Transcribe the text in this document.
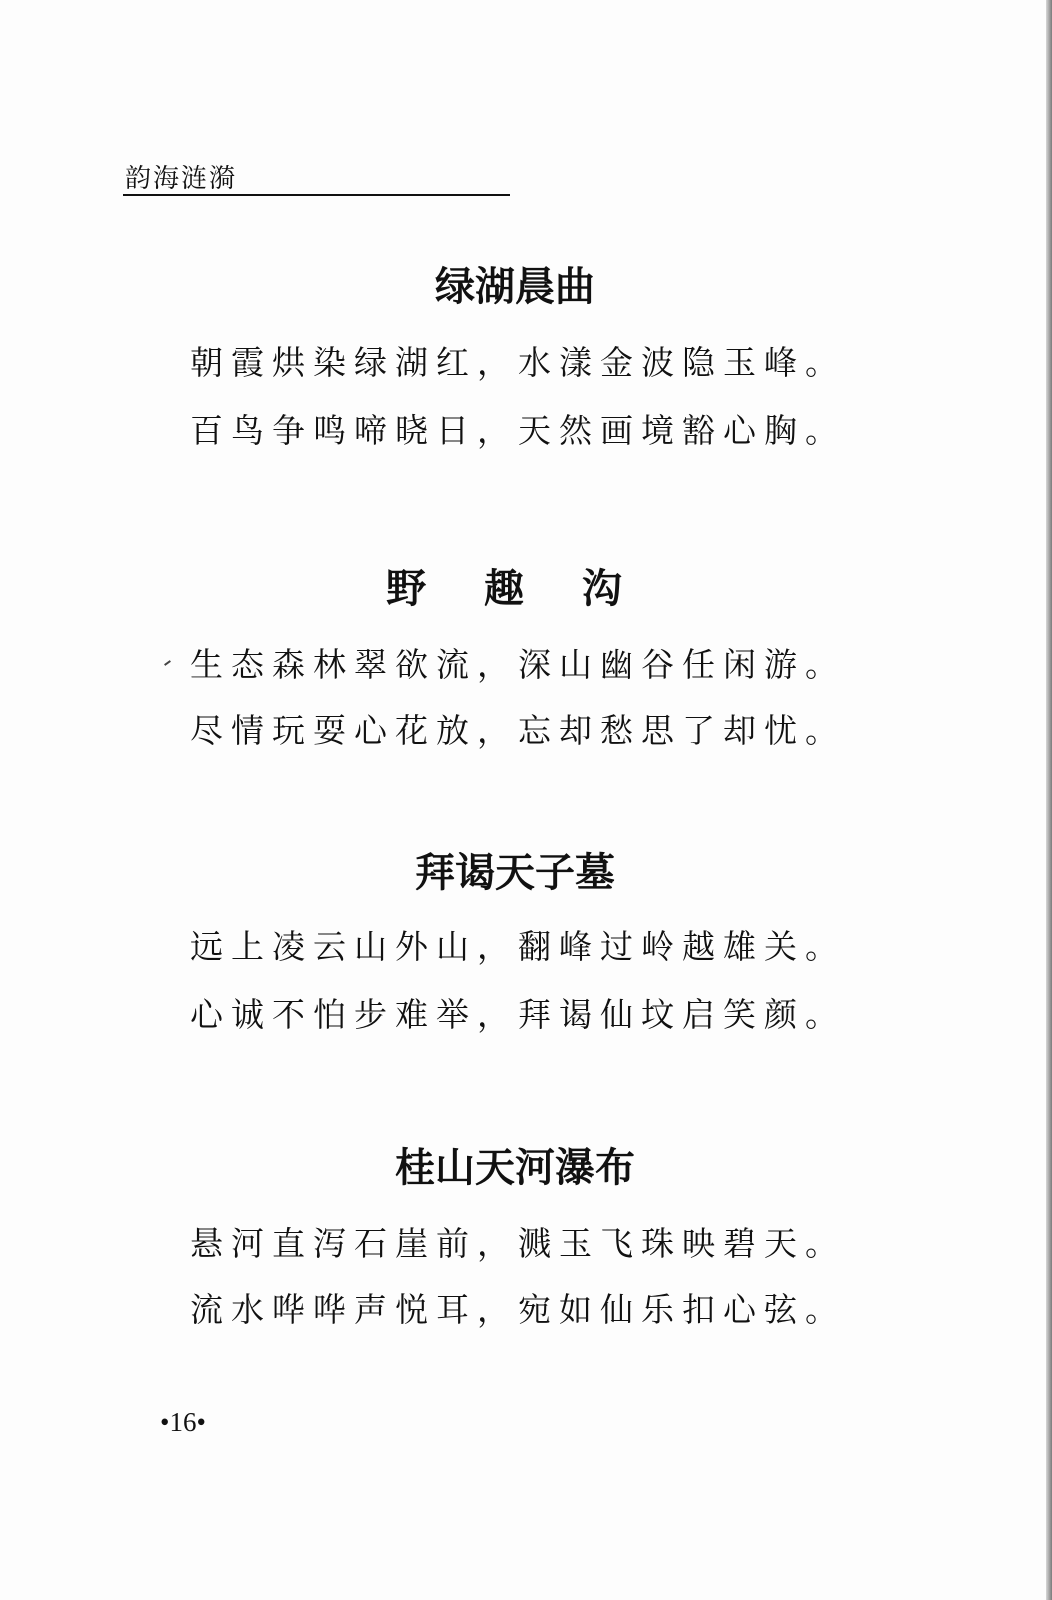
韵海涟漪
绿湖晨曲
朝霞烘染绿湖红，水漾金波隐玉峰。
百鸟争鸣啼晓日，天然画境豁心胸。
野 趣 沟
生态森林翠欲流，深山幽谷任闲游。
尽情玩耍心花放，忘却愁思了却忧。
拜谒天子墓
远上凌云山外山，翻峰过岭越雄关。
心诚不怕步难举，拜谒仙坟启笑颜。
桂山天河瀑布
悬河直泻石崖前，溅玉飞珠映碧天。
流水哗哗声悦耳，宛如仙乐扣心弦。
•16•
